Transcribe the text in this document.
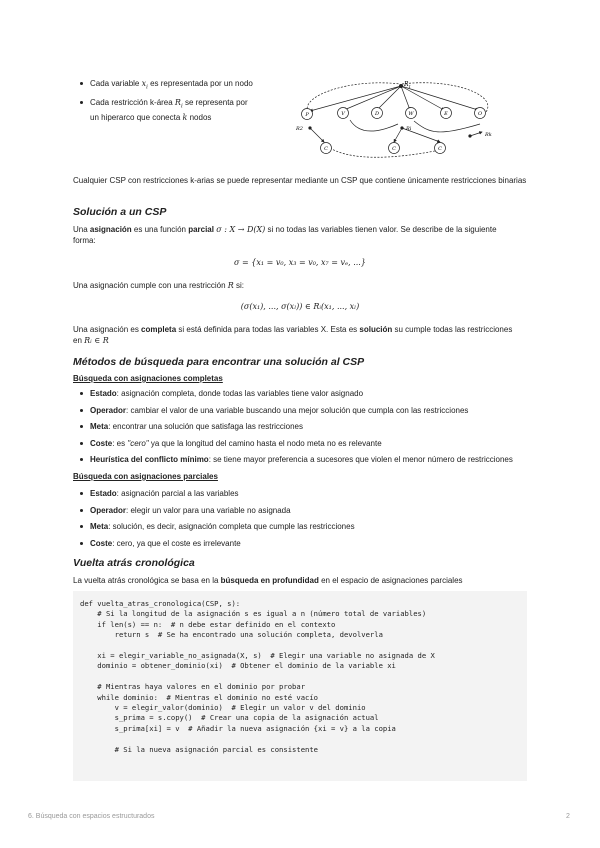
Cada variable $x_i$ es representada por un nodo
Cada restricción k-área $R_i$ se representa por
un hiperarco que conecta k nodos
$R_1$
P	V	D	W	E	O
C	C	C
R2	Ri
Rk
Cualquier CSP con restricciones k-arias se puede representar mediante un CSP que contiene únicamente restricciones binarias
Solución a un CSP
Una asignación es una función parcial σ : X → D(X) si no todas las variables tienen valor. Se describe de la siguiente
forma:
σ = {x₁ = v₀, x₃ = v₀, x₇ = vₑ, ...}
Una asignación cumple con una restricción R si:
(σ(x₁), ..., σ(xₗ)) ∈ Rᵢ(x₁, ..., xₗ)
Una asignación es completa si está definida para todas las variables X. Esta es solución su cumple todas las restricciones
en Rᵢ ∈ R
Métodos de búsqueda para encontrar una solución al CSP
Búsqueda con asignaciones completas
Estado: asignación completa, donde todas las variables tiene valor asignado
Operador: cambiar el valor de una variable buscando una mejor solución que cumpla con las restricciones
Meta: encontrar una solución que satisfaga las restricciones
Coste: es "cero" ya que la longitud del camino hasta el nodo meta no es relevante
Heurística del conflicto mínimo: se tiene mayor preferencia a sucesores que violen el menor número de restricciones
Búsqueda con asignaciones parciales
Estado: asignación parcial a las variables
Operador: elegir un valor para una variable no asignada
Meta: solución, es decir, asignación completa que cumple las restricciones
Coste: cero, ya que el coste es irrelevante
Vuelta atrás cronológica
La vuelta atrás cronológica se basa en la búsqueda en profundidad en el espacio de asignaciones parciales
def vuelta_atras_cronologica(CSP, s):
# Si la longitud de la asignación s es igual a n (número total de variables)
if len(s) == n:  # n debe estar definido en el contexto
return s  # Se ha encontrado una solución completa, devolverla

xi = elegir_variable_no_asignada(X, s)  # Elegir una variable no asignada de X
dominio = obtener_dominio(xi)  # Obtener el dominio de la variable xi

# Mientras haya valores en el dominio por probar
while dominio:  # Mientras el dominio no esté vacío
v = elegir_valor(dominio)  # Elegir un valor v del dominio
s_prima = s.copy()  # Crear una copia de la asignación actual
s_prima[xi] = v  # Añadir la nueva asignación {xi = v} a la copia

# Si la nueva asignación parcial es consistente
6. Búsqueda con espacios estructurados	2
